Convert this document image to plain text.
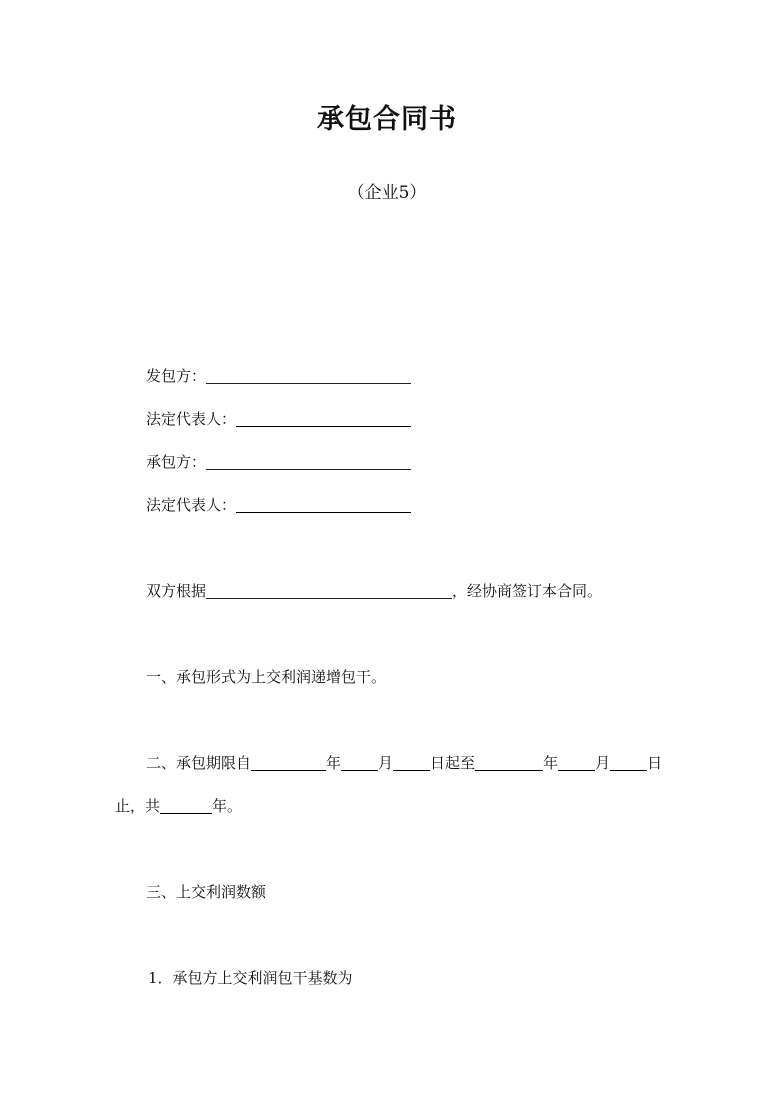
承包合同书
（企业5）
发包方：
法定代表人：
承包方：
法定代表人：
双方根据	，经协商签订本合同。
一、承包形式为上交利润递增包干。
二、承包期限自	年 月 日起至	年 月 日
止，共	年。
三、上交利润数额
1．承包方上交利润包干基数为
